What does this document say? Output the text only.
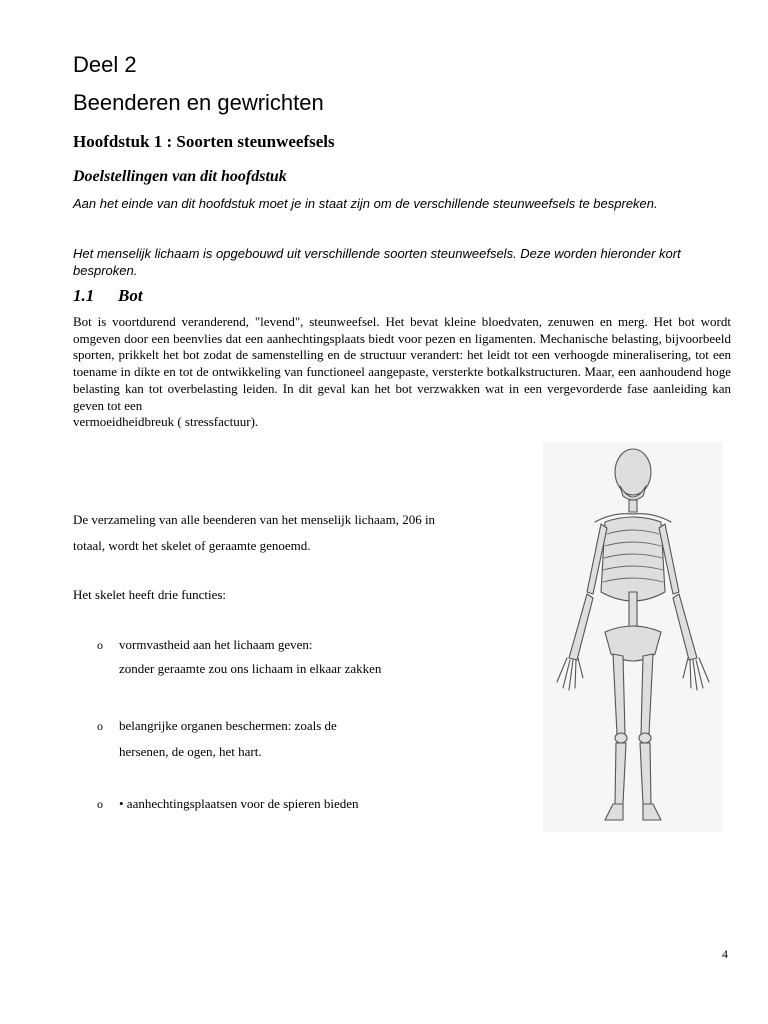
Deel 2
Beenderen en gewrichten
Hoofdstuk 1 : Soorten steunweefsels
Doelstellingen van dit hoofdstuk
Aan het einde van dit hoofdstuk moet je in staat zijn om de verschillende steunweefsels te bespreken.
Het menselijk lichaam is opgebouwd uit verschillende soorten steunweefsels. Deze worden hieronder kort besproken.
1.1 Bot
Bot is voortdurend veranderend, "levend", steunweefsel. Het bevat kleine bloedvaten, zenuwen en merg. Het bot wordt omgeven door een beenvlies dat een aanhechtingsplaats biedt voor pezen en ligamenten. Mechanische belasting, bijvoorbeeld sporten, prikkelt het bot zodat de samenstelling en de structuur verandert: het leidt tot een verhoogde mineralisering, tot een toename in dikte en tot de ontwikkeling van functioneel aangepaste, versterkte botkalkstructuren. Maar, een aanhoudend hoge belasting kan tot overbelasting leiden. In dit geval kan het bot verzwakken wat in een vergevorderde fase aanleiding kan geven tot een
vermoeidheidbreuk ( stressfactuur).
De verzameling van alle beenderen van het menselijk lichaam, 206 in
totaal, wordt het skelet of geraamte genoemd.
Het skelet heeft drie functies:
o vormvastheid aan het lichaam geven:
zonder geraamte zou ons lichaam in elkaar zakken
o belangrijke organen beschermen: zoals de
hersenen, de ogen, het hart.
o • aanhechtingsplaatsen voor de spieren bieden
4
